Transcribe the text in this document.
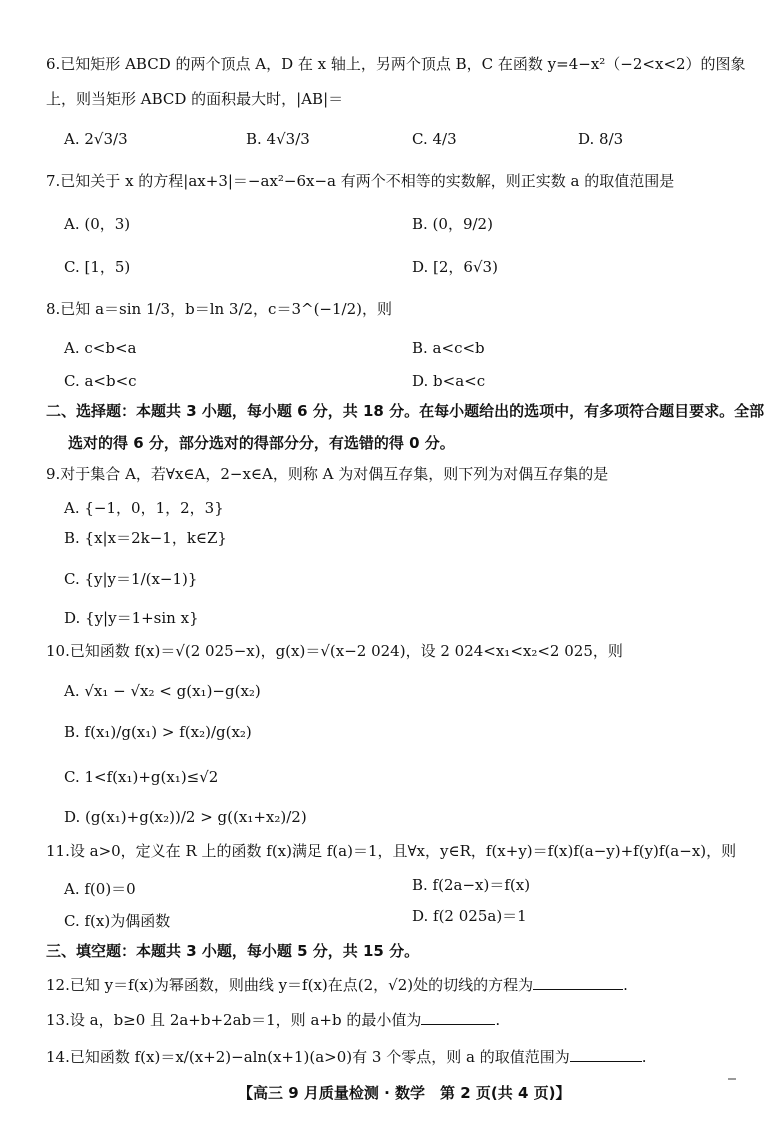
6.已知矩形 ABCD 的两个顶点 A，D 在 x 轴上，另两个顶点 B，C 在函数 y=4−x²（−2<x<2）的图象
上，则当矩形 ABCD 的面积最大时，|AB|＝
A. 2√3/3	B. 4√3/3	C. 4/3	D. 8/3
7.已知关于 x 的方程|ax+3|＝−ax²−6x−a 有两个不相等的实数解，则正实数 a 的取值范围是
A. (0，3)	B. (0，9/2)
C. [1，5)	D. [2，6√3)
8.已知 a＝sin 1/3，b＝ln 3/2，c＝3^(−1/2)，则
A. c<b<a	B. a<c<b
C. a<b<c	D. b<a<c
二、选择题：本题共 3 小题，每小题 6 分，共 18 分。在每小题给出的选项中，有多项符合题目要求。全部
选对的得 6 分，部分选对的得部分分，有选错的得 0 分。
9.对于集合 A，若∀x∈A，2−x∈A，则称 A 为对偶互存集，则下列为对偶互存集的是
A. {−1，0，1，2，3}
B. {x|x＝2k−1，k∈Z}
C. {y|y＝1/(x−1)}
D. {y|y＝1+sin x}
10.已知函数 f(x)＝√(2 025−x)，g(x)＝√(x−2 024)，设 2 024<x₁<x₂<2 025，则
A. √x₁ − √x₂ < g(x₁)−g(x₂)
B. f(x₁)/g(x₁) > f(x₂)/g(x₂)
C. 1<f(x₁)+g(x₁)≤√2
D. (g(x₁)+g(x₂))/2 > g((x₁+x₂)/2)
11.设 a>0，定义在 R 上的函数 f(x)满足 f(a)＝1，且∀x，y∈R，f(x+y)＝f(x)f(a−y)+f(y)f(a−x)，则
A. f(0)＝0	B. f(2a−x)＝f(x)
C. f(x)为偶函数	D. f(2 025a)＝1
三、填空题：本题共 3 小题，每小题 5 分，共 15 分。
12.已知 y＝f(x)为幂函数，则曲线 y＝f(x)在点(2，√2)处的切线的方程为	.
13.设 a，b≥0 且 2a+b+2ab＝1，则 a+b 的最小值为	.
14.已知函数 f(x)＝x/(x+2)−aln(x+1)(a>0)有 3 个零点，则 a 的取值范围为	.
【高三 9 月质量检测 · 数学　第 2 页(共 4 页)】
